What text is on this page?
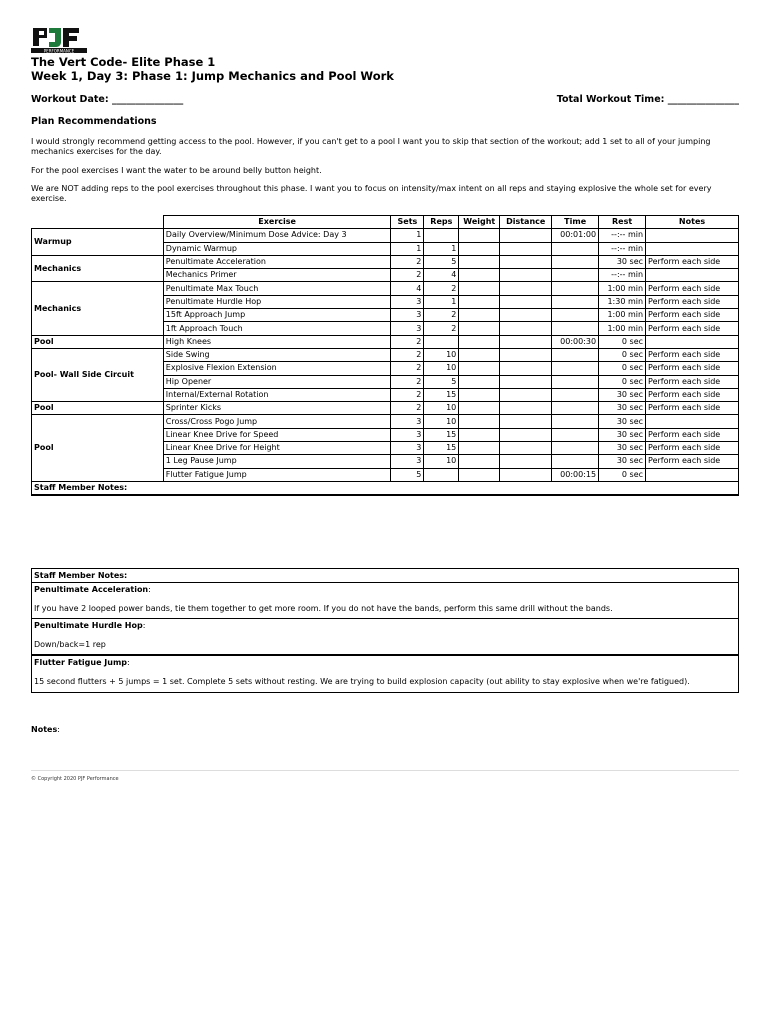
PERFORMANCE
The Vert Code- Elite Phase 1
Week 1, Day 3: Phase 1: Jump Mechanics and Pool Work
Workout Date: _______________	Total Workout Time: _______________
Plan Recommendations
I would strongly recommend getting access to the pool. However, if you can't get to a pool I want you to skip that section of the workout; add 1 set to all of your jumping mechanics exercises for the day.
For the pool exercises I want the water to be around belly button height.
We are NOT adding reps to the pool exercises throughout this phase. I want you to focus on intensity/max intent on all reps and staying explosive the whole set for every exercise.
	Exercise	Sets	Reps	Weight	Distance	Time	Rest	Notes
Warmup	Daily Overview/Minimum Dose Advice: Day 3	1				00:01:00	--:-- min	
	Dynamic Warmup	1	1				--:-- min	
Mechanics	Penultimate Acceleration	2	5				30 sec	Perform each side
	Mechanics Primer	2	4				--:-- min	
Mechanics	Penultimate Max Touch	4	2				1:00 min	Perform each side
	Penultimate Hurdle Hop	3	1				1:30 min	Perform each side
	15ft Approach Jump	3	2				1:00 min	Perform each side
	1ft Approach Touch	3	2				1:00 min	Perform each side
Pool	High Knees	2				00:00:30	0 sec	
Pool- Wall Side Circuit	Side Swing	2	10				0 sec	Perform each side
	Explosive Flexion Extension	2	10				0 sec	Perform each side
	Hip Opener	2	5				0 sec	Perform each side
	Internal/External Rotation	2	15				30 sec	Perform each side
Pool	Sprinter Kicks	2	10				30 sec	Perform each side
Pool	Cross/Cross Pogo Jump	3	10				30 sec	
	Linear Knee Drive for Speed	3	15				30 sec	Perform each side
	Linear Knee Drive for Height	3	15				30 sec	Perform each side
	1 Leg Pause Jump	3	10				30 sec	Perform each side
	Flutter Fatigue Jump	5				00:00:15	0 sec	
Staff Member Notes:								
Staff Member Notes:
Penultimate Acceleration:
If you have 2 looped power bands, tie them together to get more room. If you do not have the bands, perform this same drill without the bands.
Penultimate Hurdle Hop:
Down/back=1 rep
Flutter Fatigue Jump:
15 second flutters + 5 jumps = 1 set. Complete 5 sets without resting. We are trying to build explosion capacity (out ability to stay explosive when we're fatigued).
Notes:
© Copyright 2020 PJF Performance
